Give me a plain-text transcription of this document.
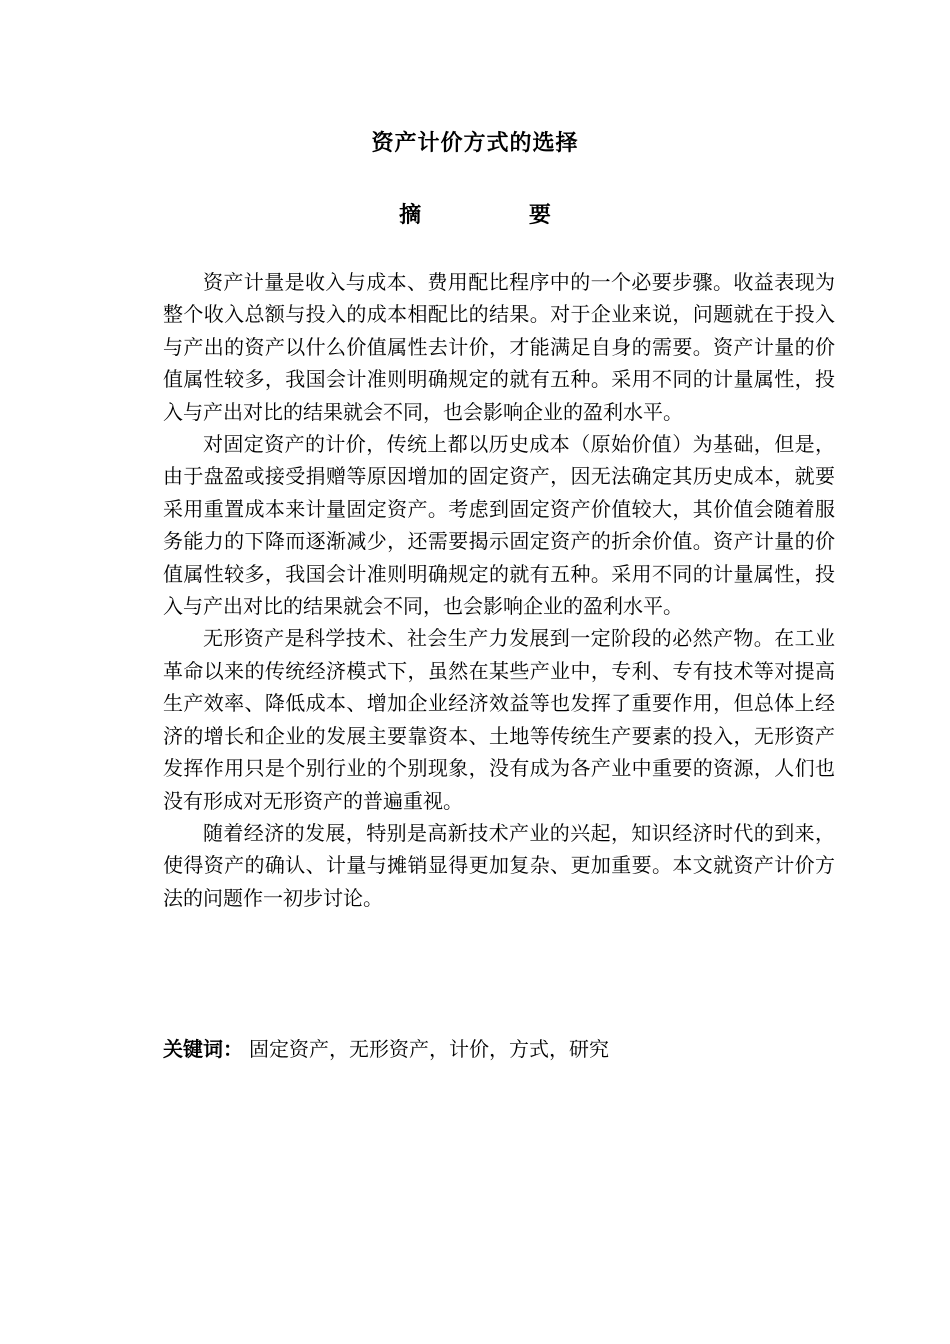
资产计价方式的选择
摘 要

资产计量是收入与成本、费用配比程序中的一个必要步骤。收益表现为整个收入总额与投入的成本相配比的结果。对于企业来说，问题就在于投入与产出的资产以什么价值属性去计价，才能满足自身的需要。资产计量的价值属性较多，我国会计准则明确规定的就有五种。采用不同的计量属性，投入与产出对比的结果就会不同，也会影响企业的盈利水平。

对固定资产的计价，传统上都以历史成本（原始价值）为基础，但是，由于盘盈或接受捐赠等原因增加的固定资产，因无法确定其历史成本，就要采用重置成本来计量固定资产。考虑到固定资产价值较大，其价值会随着服务能力的下降而逐渐减少，还需要揭示固定资产的折余价值。资产计量的价值属性较多，我国会计准则明确规定的就有五种。采用不同的计量属性，投入与产出对比的结果就会不同，也会影响企业的盈利水平。

无形资产是科学技术、社会生产力发展到一定阶段的必然产物。在工业革命以来的传统经济模式下，虽然在某些产业中，专利、专有技术等对提高生产效率、降低成本、增加企业经济效益等也发挥了重要作用，但总体上经济的增长和企业的发展主要靠资本、土地等传统生产要素的投入，无形资产发挥作用只是个别行业的个别现象，没有成为各产业中重要的资源，人们也没有形成对无形资产的普遍重视。

随着经济的发展，特别是高新技术产业的兴起，知识经济时代的到来，使得资产的确认、计量与摊销显得更加复杂、更加重要。本文就资产计价方法的问题作一初步讨论。

关键词： 固定资产，无形资产，计价，方式，研究
